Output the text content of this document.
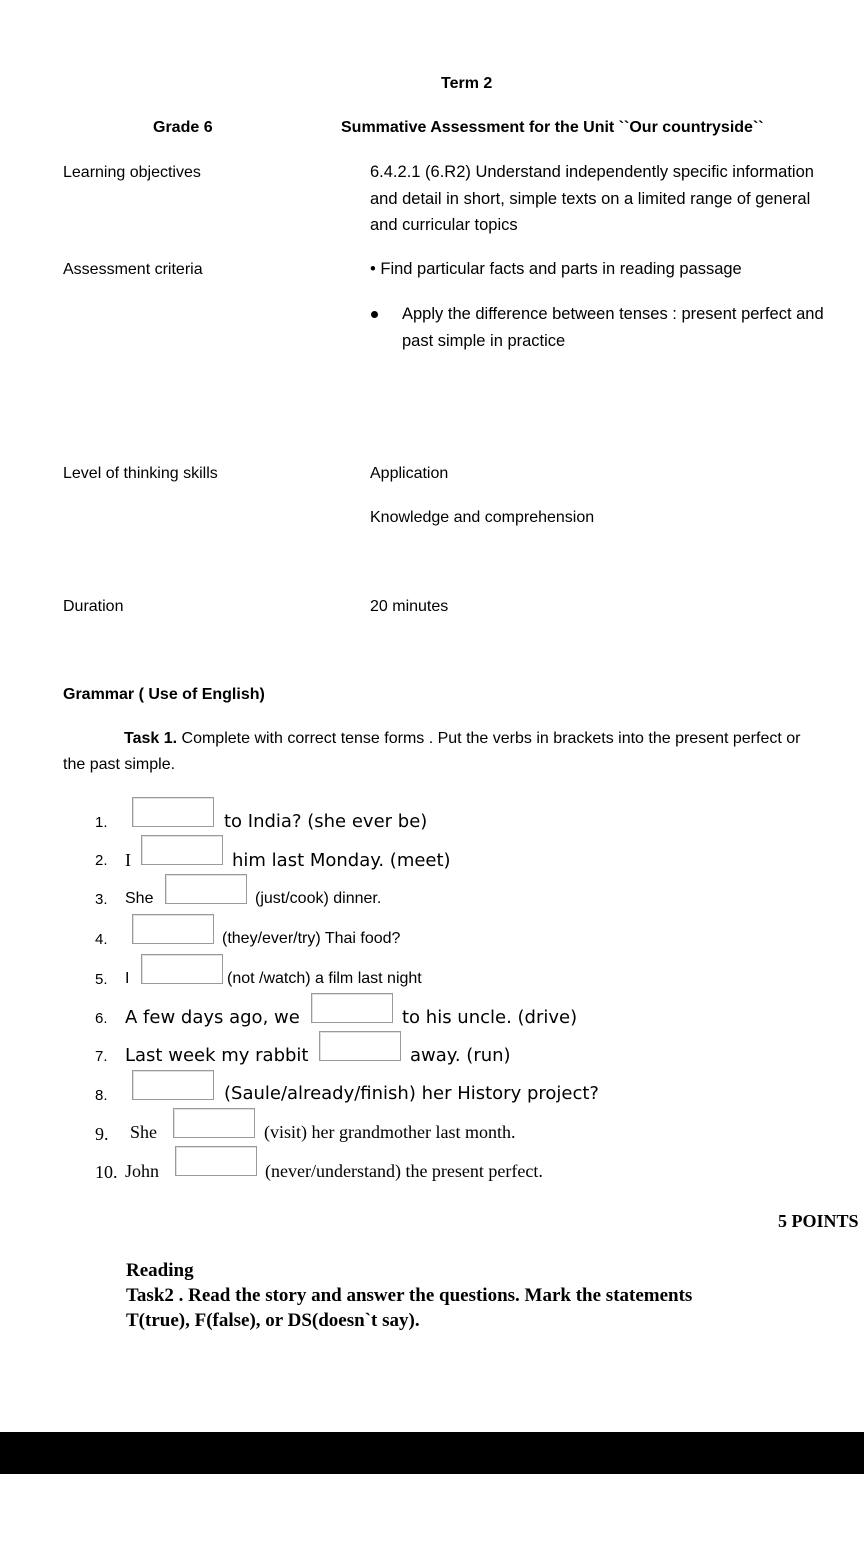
Term 2
Grade 6	Summative Assessment for the Unit ``Our countryside``
Learning objectives	6.4.2.1 (6.R2) Understand independently specific information
and detail in short, simple texts on a limited range of general
and curricular topics
Assessment criteria	• Find particular facts and parts in reading passage
Apply the difference between tenses : present perfect and
past simple in practice
Level of thinking skills	Application
Knowledge and comprehension
Duration	20 minutes
Grammar ( Use of English)
Task 1. Complete with correct tense forms . Put the verbs in brackets into the present perfect or
the past simple.
1.	to India? (she ever be)
2. I	him last Monday. (meet)
3. She	(just/cook) dinner.
4.	(they/ever/try) Thai food?
5. I	(not /watch) a film last night
6. A few days ago, we	to his uncle. (drive)
7. Last week my rabbit	away. (run)
8.	(Saule/already/finish) her History project?
9. She	(visit) her grandmother last month.
10. John	(never/understand) the present perfect.
5 POINTS
Reading
Task2 . Read the story and answer the questions. Mark the statements
T(true), F(false), or DS(doesn`t say).
